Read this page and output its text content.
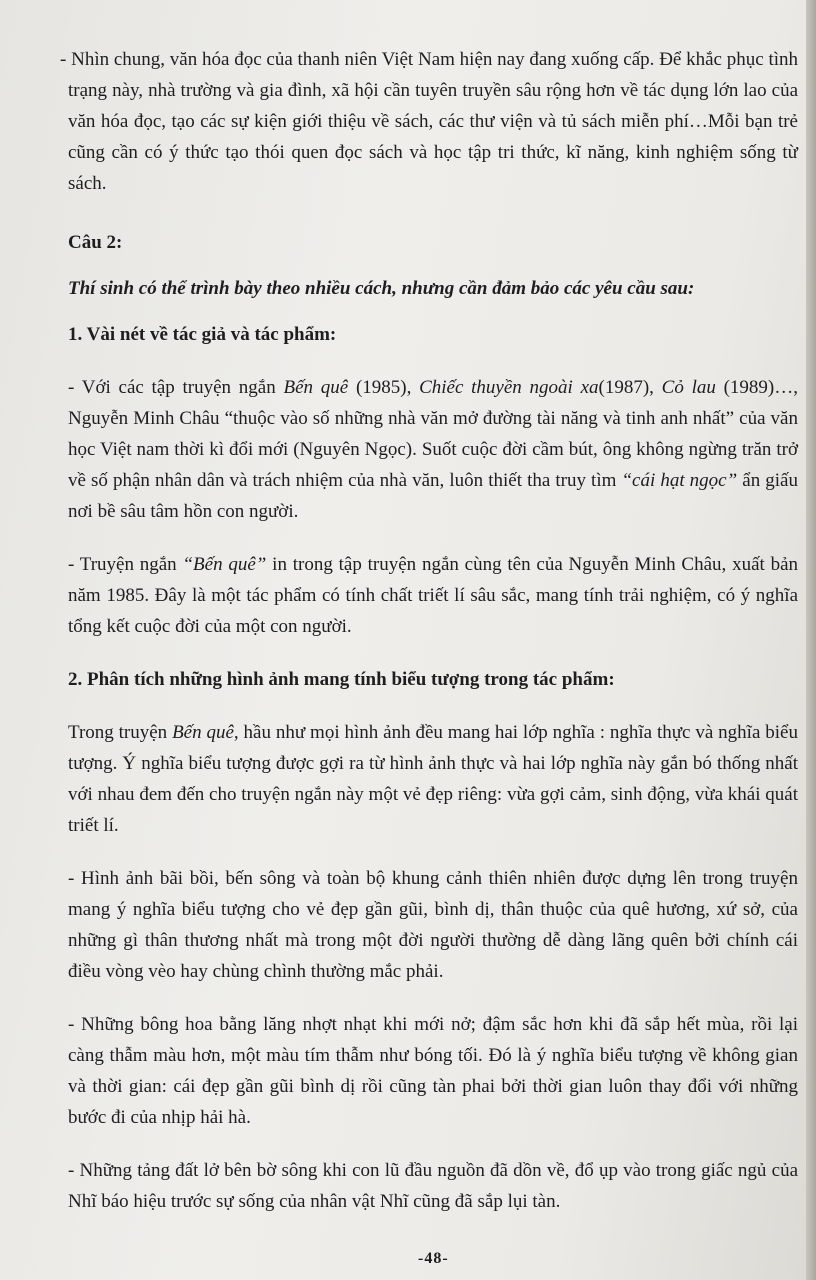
- Nhìn chung, văn hóa đọc của thanh niên Việt Nam hiện nay đang xuống cấp. Để khắc phục tình trạng này, nhà trường và gia đình, xã hội cần tuyên truyền sâu rộng hơn về tác dụng lớn lao của văn hóa đọc, tạo các sự kiện giới thiệu về sách, các thư viện và tủ sách miễn phí…Mỗi bạn trẻ cũng cần có ý thức tạo thói quen đọc sách và học tập tri thức, kĩ năng, kinh nghiệm sống từ sách.

Câu 2:
Thí sinh có thể trình bày theo nhiều cách, nhưng cần đảm bảo các yêu cầu sau:
1. Vài nét về tác giả và tác phẩm:

- Với các tập truyện ngắn Bến quê (1985), Chiếc thuyền ngoài xa(1987), Cỏ lau (1989)…, Nguyễn Minh Châu “thuộc vào số những nhà văn mở đường tài năng và tinh anh nhất” của văn học Việt nam thời kì đổi mới (Nguyên Ngọc). Suốt cuộc đời cầm bút, ông không ngừng trăn trở về số phận nhân dân và trách nhiệm của nhà văn, luôn thiết tha truy tìm “cái hạt ngọc” ẩn giấu nơi bề sâu tâm hồn con người.

- Truyện ngắn “Bến quê” in trong tập truyện ngắn cùng tên của Nguyễn Minh Châu, xuất bản năm 1985. Đây là một tác phẩm có tính chất triết lí sâu sắc, mang tính trải nghiệm, có ý nghĩa tổng kết cuộc đời của một con người.

2. Phân tích những hình ảnh mang tính biểu tượng trong tác phẩm:

Trong truyện Bến quê, hầu như mọi hình ảnh đều mang hai lớp nghĩa : nghĩa thực và nghĩa biểu tượng. Ý nghĩa biểu tượng được gợi ra từ hình ảnh thực và hai lớp nghĩa này gắn bó thống nhất với nhau đem đến cho truyện ngắn này một vẻ đẹp riêng: vừa gợi cảm, sinh động, vừa khái quát triết lí.

- Hình ảnh bãi bồi, bến sông và toàn bộ khung cảnh thiên nhiên được dựng lên trong truyện mang ý nghĩa biểu tượng cho vẻ đẹp gần gũi, bình dị, thân thuộc của quê hương, xứ sở, của những gì thân thương nhất mà trong một đời người thường dễ dàng lãng quên bởi chính cái điều vòng vèo hay chùng chình thường mắc phải.

- Những bông hoa bằng lăng nhợt nhạt khi mới nở; đậm sắc hơn khi đã sắp hết mùa, rồi lại càng thẫm màu hơn, một màu tím thẫm như bóng tối. Đó là ý nghĩa biểu tượng về không gian và thời gian: cái đẹp gần gũi bình dị rồi cũng tàn phai bởi thời gian luôn thay đổi với những bước đi của nhịp hải hà.

- Những tảng đất lở bên bờ sông khi con lũ đầu nguồn đã dồn về, đổ ụp vào trong giấc ngủ của Nhĩ báo hiệu trước sự sống của nhân vật Nhĩ cũng đã sắp lụi tàn.

-48-
